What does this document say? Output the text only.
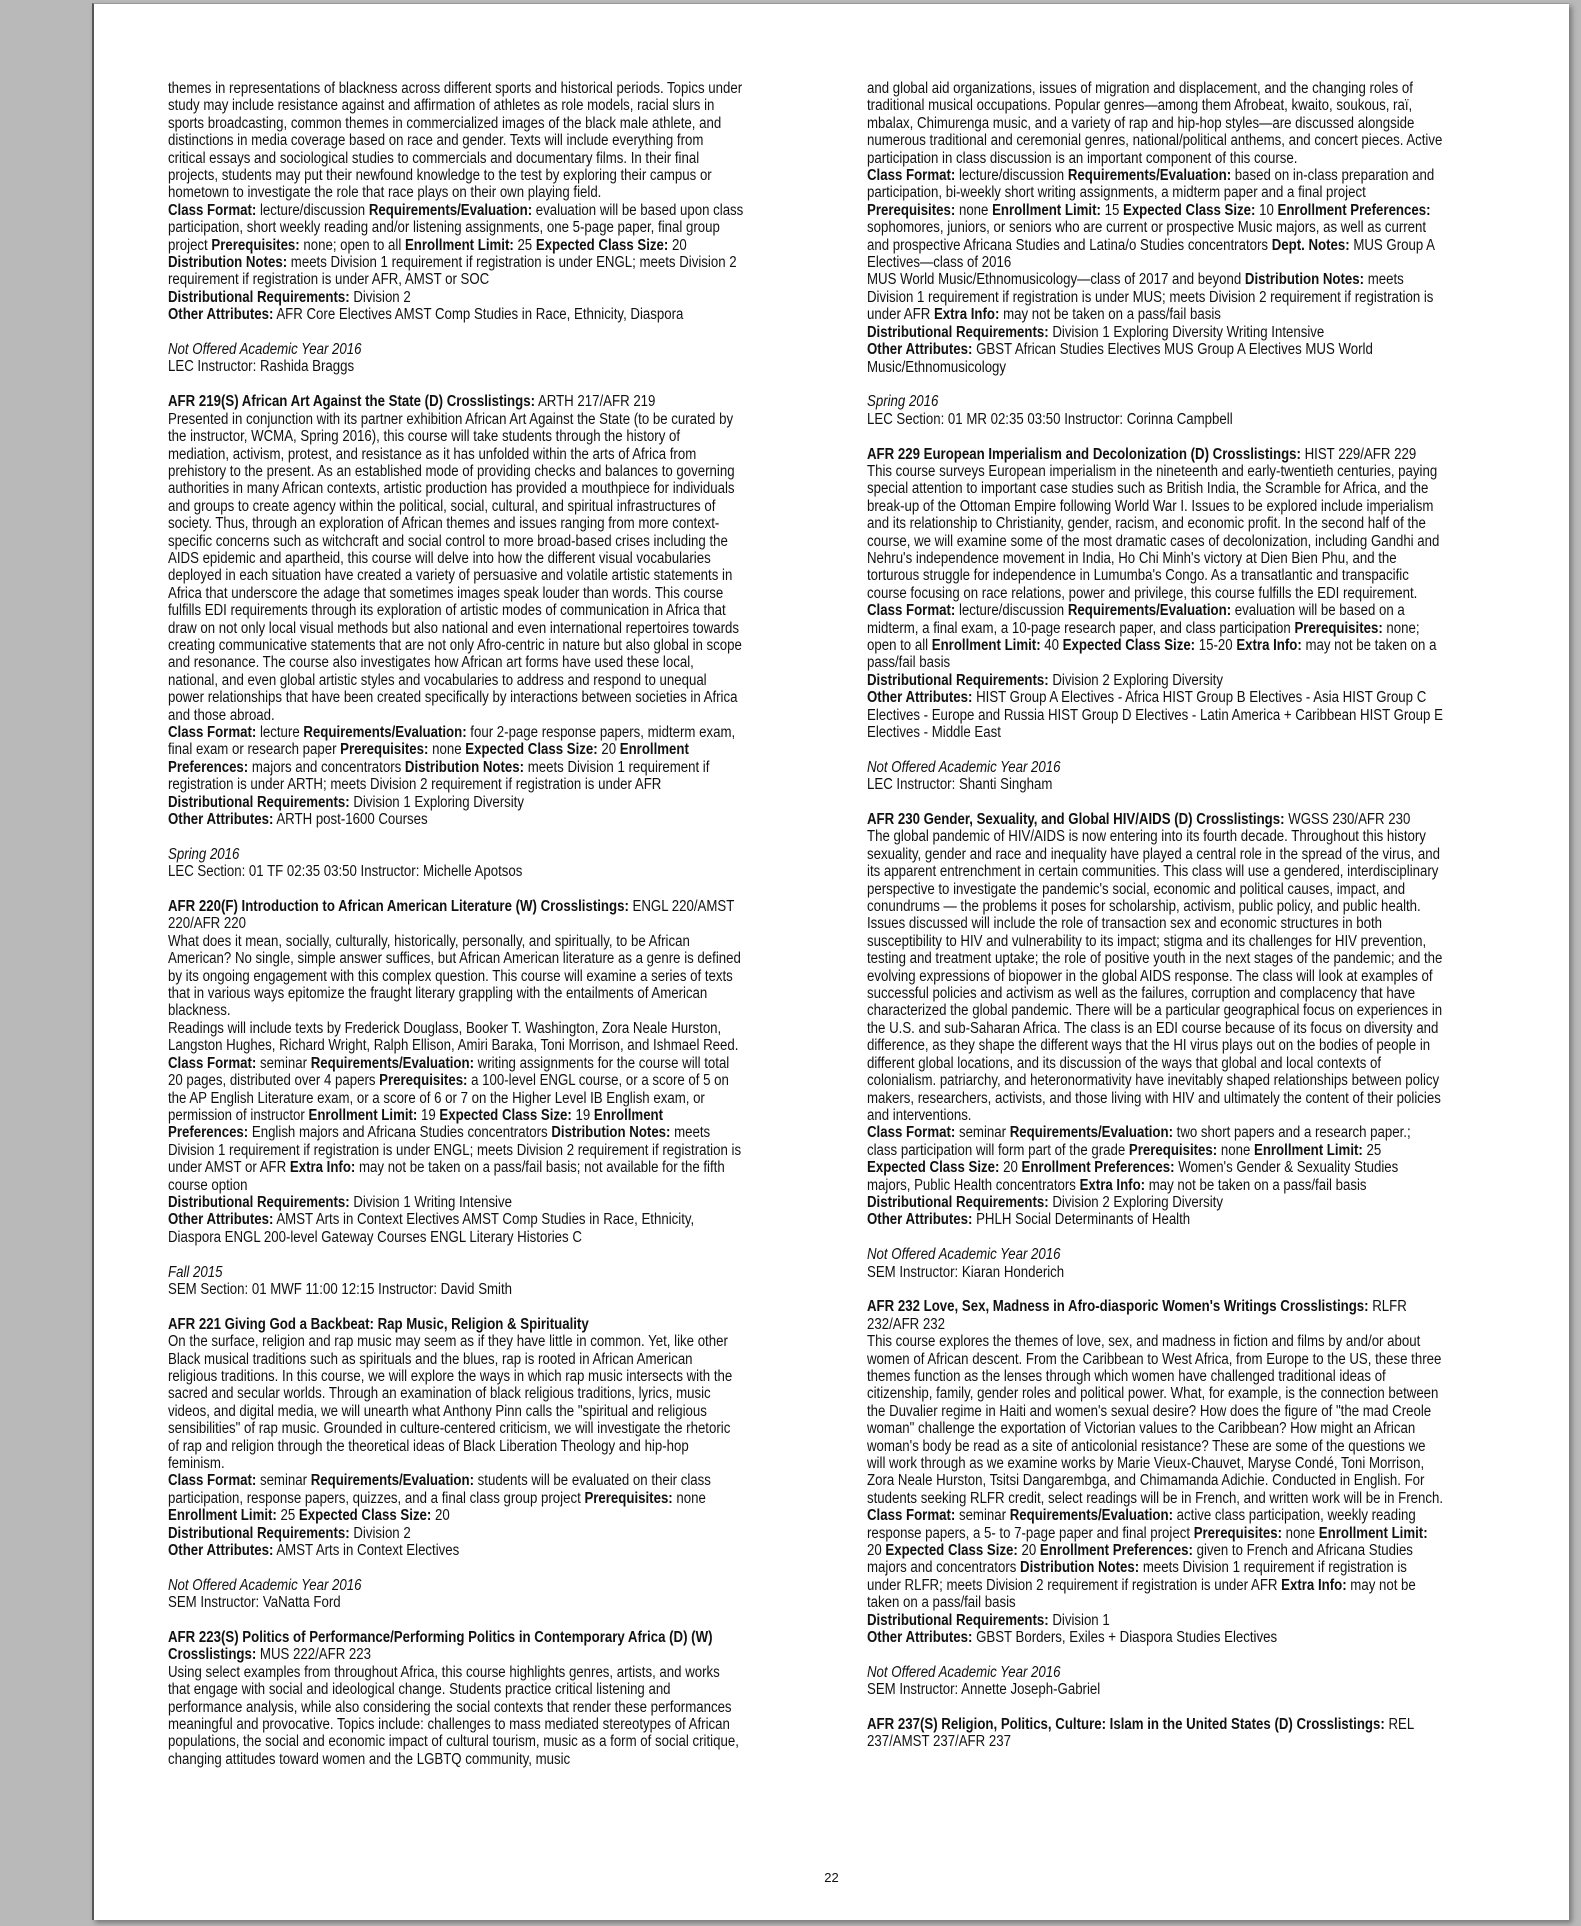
themes in representations of blackness across different sports and historical periods. Topics under study may include resistance against and affirmation of athletes as role models, racial slurs in sports broadcasting, common themes in commercialized images of the black male athlete, and distinctions in media coverage based on race and gender. Texts will include everything from critical essays and sociological studies to commercials and documentary films. In their final projects, students may put their newfound knowledge to the test by exploring their campus or hometown to investigate the role that race plays on their own playing field.

Class Format: lecture/discussion Requirements/Evaluation: evaluation will be based upon class participation, short weekly reading and/or listening assignments, one 5-page paper, final group project Prerequisites: none; open to all Enrollment Limit: 25 Expected Class Size: 20 Distribution Notes: meets Division 1 requirement if registration is under ENGL; meets Division 2 requirement if registration is under AFR, AMST or SOC

Distributional Requirements: Division 2

Other Attributes: AFR Core Electives AMST Comp Studies in Race, Ethnicity, Diaspora

Not Offered Academic Year 2016

LEC Instructor: Rashida Braggs

AFR 219(S) African Art Against the State (D) Crosslistings: ARTH 217/AFR 219

Presented in conjunction with its partner exhibition African Art Against the State (to be curated by the instructor, WCMA, Spring 2016), this course will take students through the history of mediation, activism, protest, and resistance as it has unfolded within the arts of Africa from prehistory to the present. As an established mode of providing checks and balances to governing authorities in many African contexts, artistic production has provided a mouthpiece for individuals and groups to create agency within the political, social, cultural, and spiritual infrastructures of society. Thus, through an exploration of African themes and issues ranging from more context-specific concerns such as witchcraft and social control to more broad-based crises including the AIDS epidemic and apartheid, this course will delve into how the different visual vocabularies deployed in each situation have created a variety of persuasive and volatile artistic statements in Africa that underscore the adage that sometimes images speak louder than words. This course fulfills EDI requirements through its exploration of artistic modes of communication in Africa that draw on not only local visual methods but also national and even international repertoires towards creating communicative statements that are not only Afro-centric in nature but also global in scope and resonance. The course also investigates how African art forms have used these local, national, and even global artistic styles and vocabularies to address and respond to unequal power relationships that have been created specifically by interactions between societies in Africa and those abroad.

Class Format: lecture Requirements/Evaluation: four 2-page response papers, midterm exam, final exam or research paper Prerequisites: none Expected Class Size: 20 Enrollment Preferences: majors and concentrators Distribution Notes: meets Division 1 requirement if registration is under ARTH; meets Division 2 requirement if registration is under AFR

Distributional Requirements: Division 1 Exploring Diversity

Other Attributes: ARTH post-1600 Courses

Spring 2016

LEC Section: 01 TF 02:35 03:50 Instructor: Michelle Apotsos

AFR 220(F) Introduction to African American Literature (W) Crosslistings: ENGL 220/AMST 220/AFR 220

What does it mean, socially, culturally, historically, personally, and spiritually, to be African American? No single, simple answer suffices, but African American literature as a genre is defined by its ongoing engagement with this complex question. This course will examine a series of texts that in various ways epitomize the fraught literary grappling with the entailments of American blackness.

Readings will include texts by Frederick Douglass, Booker T. Washington, Zora Neale Hurston, Langston Hughes, Richard Wright, Ralph Ellison, Amiri Baraka, Toni Morrison, and Ishmael Reed.

Class Format: seminar Requirements/Evaluation: writing assignments for the course will total 20 pages, distributed over 4 papers Prerequisites: a 100-level ENGL course, or a score of 5 on the AP English Literature exam, or a score of 6 or 7 on the Higher Level IB English exam, or permission of instructor Enrollment Limit: 19 Expected Class Size: 19 Enrollment Preferences: English majors and Africana Studies concentrators Distribution Notes: meets Division 1 requirement if registration is under ENGL; meets Division 2 requirement if registration is under AMST or AFR Extra Info: may not be taken on a pass/fail basis; not available for the fifth course option

Distributional Requirements: Division 1 Writing Intensive

Other Attributes: AMST Arts in Context Electives AMST Comp Studies in Race, Ethnicity, Diaspora ENGL 200-level Gateway Courses ENGL Literary Histories C

Fall 2015

SEM Section: 01 MWF 11:00 12:15 Instructor: David Smith

AFR 221 Giving God a Backbeat: Rap Music, Religion & Spirituality

On the surface, religion and rap music may seem as if they have little in common. Yet, like other Black musical traditions such as spirituals and the blues, rap is rooted in African American religious traditions. In this course, we will explore the ways in which rap music intersects with the sacred and secular worlds. Through an examination of black religious traditions, lyrics, music videos, and digital media, we will unearth what Anthony Pinn calls the "spiritual and religious sensibilities" of rap music. Grounded in culture-centered criticism, we will investigate the rhetoric of rap and religion through the theoretical ideas of Black Liberation Theology and hip-hop feminism.

Class Format: seminar Requirements/Evaluation: students will be evaluated on their class participation, response papers, quizzes, and a final class group project Prerequisites: none Enrollment Limit: 25 Expected Class Size: 20

Distributional Requirements: Division 2

Other Attributes: AMST Arts in Context Electives

Not Offered Academic Year 2016

SEM Instructor: VaNatta Ford

AFR 223(S) Politics of Performance/Performing Politics in Contemporary Africa (D) (W) Crosslistings: MUS 222/AFR 223

Using select examples from throughout Africa, this course highlights genres, artists, and works that engage with social and ideological change. Students practice critical listening and performance analysis, while also considering the social contexts that render these performances meaningful and provocative. Topics include: challenges to mass mediated stereotypes of African populations, the social and economic impact of cultural tourism, music as a form of social critique, changing attitudes toward women and the LGBTQ community, music

and global aid organizations, issues of migration and displacement, and the changing roles of traditional musical occupations. Popular genres—among them Afrobeat, kwaito, soukous, raï, mbalax, Chimurenga music, and a variety of rap and hip-hop styles—are discussed alongside numerous traditional and ceremonial genres, national/political anthems, and concert pieces. Active participation in class discussion is an important component of this course.

Class Format: lecture/discussion Requirements/Evaluation: based on in-class preparation and participation, bi-weekly short writing assignments, a midterm paper and a final project Prerequisites: none Enrollment Limit: 15 Expected Class Size: 10 Enrollment Preferences: sophomores, juniors, or seniors who are current or prospective Music majors, as well as current and prospective Africana Studies and Latina/o Studies concentrators Dept. Notes: MUS Group A Electives—class of 2016

MUS World Music/Ethnomusicology—class of 2017 and beyond Distribution Notes: meets Division 1 requirement if registration is under MUS; meets Division 2 requirement if registration is under AFR Extra Info: may not be taken on a pass/fail basis

Distributional Requirements: Division 1 Exploring Diversity Writing Intensive

Other Attributes: GBST African Studies Electives MUS Group A Electives MUS World Music/Ethnomusicology

Spring 2016

LEC Section: 01 MR 02:35 03:50 Instructor: Corinna Campbell

AFR 229 European Imperialism and Decolonization (D) Crosslistings: HIST 229/AFR 229

This course surveys European imperialism in the nineteenth and early-twentieth centuries, paying special attention to important case studies such as British India, the Scramble for Africa, and the break-up of the Ottoman Empire following World War I. Issues to be explored include imperialism and its relationship to Christianity, gender, racism, and economic profit. In the second half of the course, we will examine some of the most dramatic cases of decolonization, including Gandhi and Nehru's independence movement in India, Ho Chi Minh's victory at Dien Bien Phu, and the torturous struggle for independence in Lumumba's Congo. As a transatlantic and transpacific course focusing on race relations, power and privilege, this course fulfills the EDI requirement.

Class Format: lecture/discussion Requirements/Evaluation: evaluation will be based on a midterm, a final exam, a 10-page research paper, and class participation Prerequisites: none; open to all Enrollment Limit: 40 Expected Class Size: 15-20 Extra Info: may not be taken on a pass/fail basis

Distributional Requirements: Division 2 Exploring Diversity

Other Attributes: HIST Group A Electives - Africa HIST Group B Electives - Asia HIST Group C Electives - Europe and Russia HIST Group D Electives - Latin America + Caribbean HIST Group E Electives - Middle East

Not Offered Academic Year 2016

LEC Instructor: Shanti Singham

AFR 230 Gender, Sexuality, and Global HIV/AIDS (D) Crosslistings: WGSS 230/AFR 230

The global pandemic of HIV/AIDS is now entering into its fourth decade. Throughout this history sexuality, gender and race and inequality have played a central role in the spread of the virus, and its apparent entrenchment in certain communities. This class will use a gendered, interdisciplinary perspective to investigate the pandemic's social, economic and political causes, impact, and conundrums — the problems it poses for scholarship, activism, public policy, and public health. Issues discussed will include the role of transaction sex and economic structures in both susceptibility to HIV and vulnerability to its impact; stigma and its challenges for HIV prevention, testing and treatment uptake; the role of positive youth in the next stages of the pandemic; and the evolving expressions of biopower in the global AIDS response. The class will look at examples of successful policies and activism as well as the failures, corruption and complacency that have characterized the global pandemic. There will be a particular geographical focus on experiences in the U.S. and sub-Saharan Africa. The class is an EDI course because of its focus on diversity and difference, as they shape the different ways that the HI virus plays out on the bodies of people in different global locations, and its discussion of the ways that global and local contexts of colonialism. patriarchy, and heteronormativity have inevitably shaped relationships between policy makers, researchers, activists, and those living with HIV and ultimately the content of their policies and interventions.

Class Format: seminar Requirements/Evaluation: two short papers and a research paper.; class participation will form part of the grade Prerequisites: none Enrollment Limit: 25 Expected Class Size: 20 Enrollment Preferences: Women's Gender & Sexuality Studies majors, Public Health concentrators Extra Info: may not be taken on a pass/fail basis

Distributional Requirements: Division 2 Exploring Diversity

Other Attributes: PHLH Social Determinants of Health

Not Offered Academic Year 2016

SEM Instructor: Kiaran Honderich

AFR 232 Love, Sex, Madness in Afro-diasporic Women's Writings Crosslistings: RLFR 232/AFR 232

This course explores the themes of love, sex, and madness in fiction and films by and/or about women of African descent. From the Caribbean to West Africa, from Europe to the US, these three themes function as the lenses through which women have challenged traditional ideas of citizenship, family, gender roles and political power. What, for example, is the connection between the Duvalier regime in Haiti and women's sexual desire? How does the figure of "the mad Creole woman" challenge the exportation of Victorian values to the Caribbean? How might an African woman's body be read as a site of anticolonial resistance? These are some of the questions we will work through as we examine works by Marie Vieux-Chauvet, Maryse Condé, Toni Morrison, Zora Neale Hurston, Tsitsi Dangarembga, and Chimamanda Adichie. Conducted in English. For students seeking RLFR credit, select readings will be in French, and written work will be in French.

Class Format: seminar Requirements/Evaluation: active class participation, weekly reading response papers, a 5- to 7-page paper and final project Prerequisites: none Enrollment Limit: 20 Expected Class Size: 20 Enrollment Preferences: given to French and Africana Studies majors and concentrators Distribution Notes: meets Division 1 requirement if registration is under RLFR; meets Division 2 requirement if registration is under AFR Extra Info: may not be taken on a pass/fail basis

Distributional Requirements: Division 1

Other Attributes: GBST Borders, Exiles + Diaspora Studies Electives

Not Offered Academic Year 2016

SEM Instructor: Annette Joseph-Gabriel

AFR 237(S) Religion, Politics, Culture: Islam in the United States (D) Crosslistings: REL 237/AMST 237/AFR 237

22
